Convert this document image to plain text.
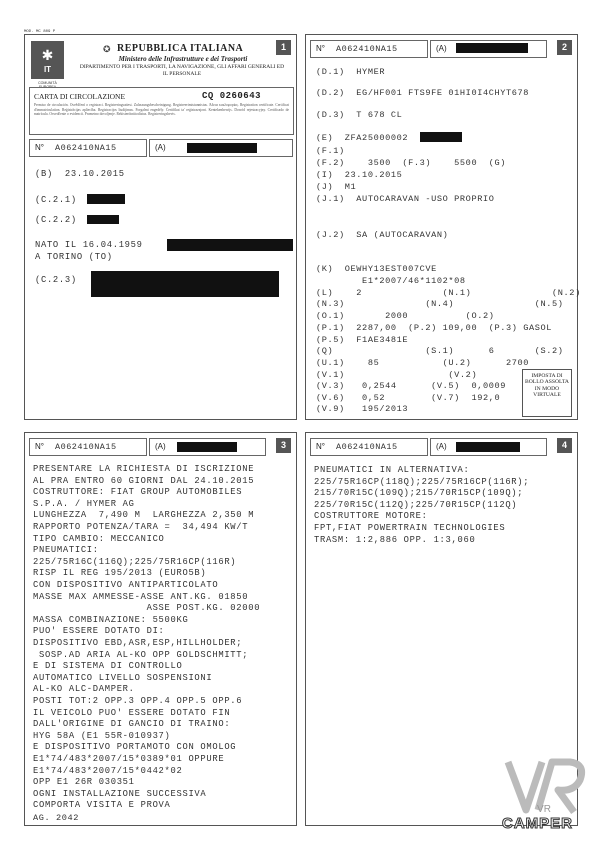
MOD. MC 809 P
1
✱
IT
COMUNITÀ EUROPEA
✪ REPUBBLICA ITALIANA
Ministero delle Infrastrutture e dei Trasporti
DIPARTIMENTO PER I TRASPORTI, LA NAVIGAZIONE, GLI AFFARI GENERALI ED IL PERSONALE
CARTA DI CIRCOLAZIONE	CQ 0260643
Permiso de circulación. Osvědčení o registraci. Registreringsattest. Zulassungsbescheinigung. Registreerimistunnistus. Άδεια κυκλοφορίας. Registration certificate. Certificat d'immatriculation. Reģistrācijas apliecība. Registracijos liudijimas. Forgalmi engedély. Ċertifikat ta' reġistrazzjoni. Kentekenbewijs. Dowód rejestracyjny. Certificado de matrícula. Osvedčenie o evidencii. Prometno dovoljenje. Rekisteröintitodistus. Registreringsbevis.
N° A062410NA15	(A)
(B)  23.10.2015
(C.2.1)
(C.2.2)
NATO IL 16.04.1959
A TORINO (TO)
(C.2.3)
2
N° A062410NA15	(A)
(D.1)  HYMER
(D.2)  EG/HF001 FTS9FE 01HI0I4CHYT678
(D.3)  T 678 CL
(E)  ZFA25000002
(F.1)
(F.2)    3500  (F.3)    5500  (G)
(I)  23.10.2015
(J)  M1
(J.1)  AUTOCARAVAN -USO PROPRIO
(J.2)  SA (AUTOCARAVAN)
(K)  OEWHY13EST007CVE
E1*2007/46*1102*08
(L)    2              (N.1)              (N.2)
(N.3)              (N.4)              (N.5)
(O.1)       2000          (O.2)
(P.1)  2287,00  (P.2) 109,00  (P.3) GASOL
(P.5)  F1AE3481E
(Q)                (S.1)      6       (S.2)
(U.1)    85           (U.2)      2700
(V.1)                  (V.2)
(V.3)   0,2544      (V.5)  0,0009
(V.6)   0,52        (V.7)  192,0
(V.9)   195/2013
IMPOSTA DI BOLLO ASSOLTA IN MODO VIRTUALE
3
N° A062410NA15	(A)
PRESENTARE LA RICHIESTA DI ISCRIZIONE
AL PRA ENTRO 60 GIORNI DAL 24.10.2015
COSTRUTTORE: FIAT GROUP AUTOMOBILES
S.P.A. / HYMER AG
LUNGHEZZA  7,490 M  LARGHEZZA 2,350 M
RAPPORTO POTENZA/TARA =  34,494 KW/T
TIPO CAMBIO: MECCANICO
PNEUMATICI:
225/75R16C(116Q);225/75R16CP(116R)
RISP IL REG 195/2013 (EURO5B)
CON DISPOSITIVO ANTIPARTICOLATO
MASSE MAX AMMESSE-ASSE ANT.KG. 01850
ASSE POST.KG. 02000
MASSA COMBINAZIONE: 5500KG
PUO' ESSERE DOTATO DI:
DISPOSITIVO EBD,ASR,ESP,HILLHOLDER;
SOSP.AD ARIA AL-KO OPP GOLDSCHMITT;
E DI SISTEMA DI CONTROLLO
AUTOMATICO LIVELLO SOSPENSIONI
AL-KO ALC-DAMPER.
POSTI TOT:2 OPP.3 OPP.4 OPP.5 OPP.6
IL VEICOLO PUO' ESSERE DOTATO FIN
DALL'ORIGINE DI GANCIO DI TRAINO:
HYG 58A (E1 55R-010937)
E DISPOSITIVO PORTAMOTO CON OMOLOG
E1*74/483*2007/15*0389*01 OPPURE
E1*74/483*2007/15*0442*02
OPP E1 26R 030351
OGNI INSTALLAZIONE SUCCESSIVA
COMPORTA VISITA E PROVA
AG. 2042
4
N° A062410NA15	(A)
PNEUMATICI IN ALTERNATIVA:
225/75R16CP(118Q);225/75R16CP(116R);
215/70R15C(109Q);215/70R15CP(109Q);
225/70R15C(112Q);225/70R15CP(112Q)
COSTRUTTORE MOTORE:
FPT,FIAT POWERTRAIN TECHNOLOGIES
TRASM: 1:2,886 OPP. 1:3,060
VR
CAMPER
